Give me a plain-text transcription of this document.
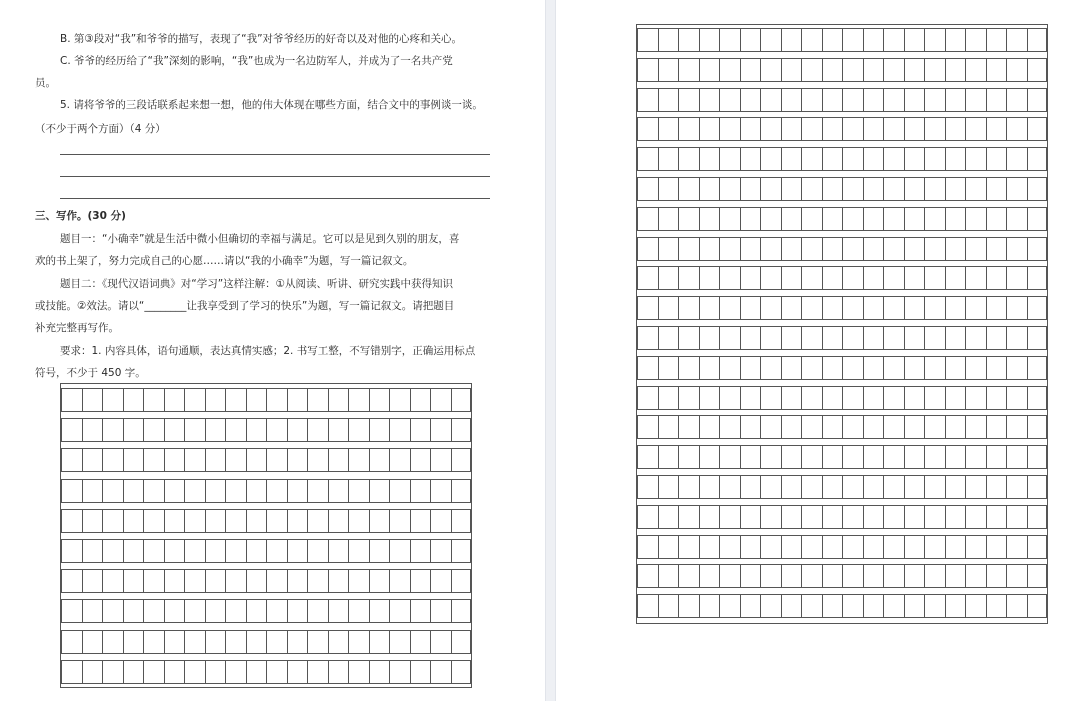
B. 第③段对“我”和爷爷的描写，表现了“我”对爷爷经历的好奇以及对他的心疼和关心。
C. 爷爷的经历给了“我”深刻的影响，“我”也成为一名边防军人，并成为了一名共产党
员。
5. 请将爷爷的三段话联系起来想一想，他的伟大体现在哪些方面，结合文中的事例谈一谈。
（不少于两个方面）（4 分）
三、写作。(30 分)
题目一：“小确幸”就是生活中微小但确切的幸福与满足。它可以是见到久别的朋友，喜
欢的书上架了，努力完成自己的心愿……请以“我的小确幸”为题，写一篇记叙文。
题目二：《现代汉语词典》对“学习”这样注解：①从阅读、听讲、研究实践中获得知识
或技能。②效法。请以“________让我享受到了学习的快乐”为题，写一篇记叙文。请把题目
补充完整再写作。
要求：1. 内容具体，语句通顺，表达真情实感；2. 书写工整，不写错别字，正确运用标点
符号，不少于 450 字。
